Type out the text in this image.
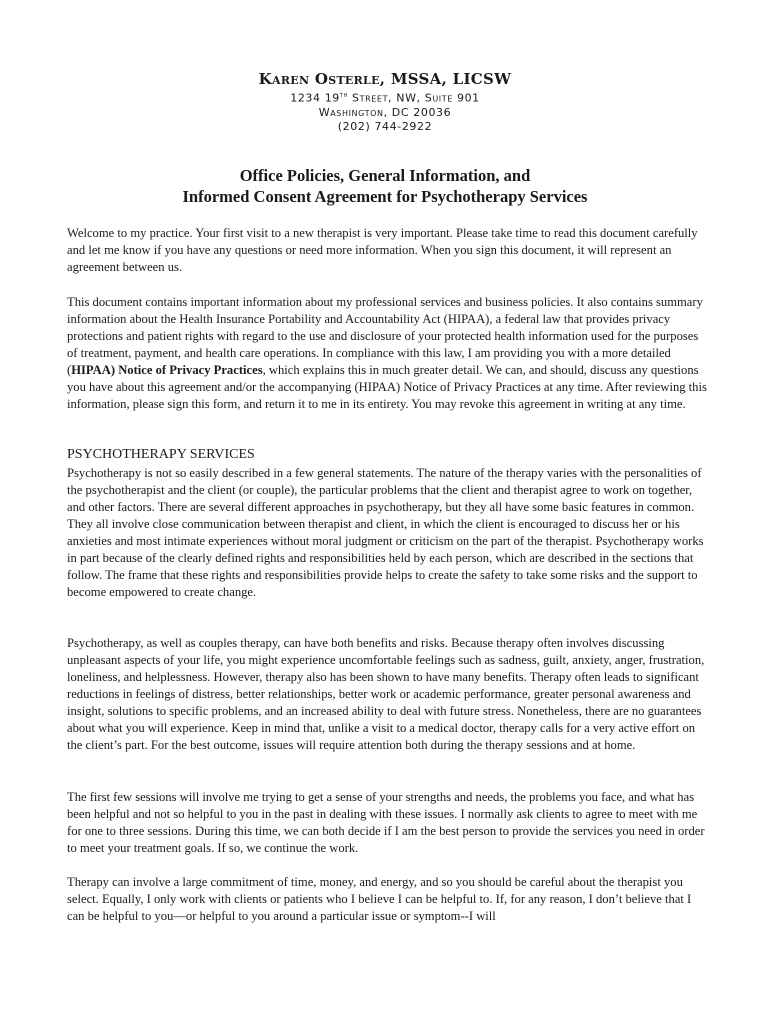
Karen Osterle, MSSA, LICSW
1234 19th Street, NW, Suite 901
Washington, DC 20036
(202) 744-2922
Office Policies, General Information, and
Informed Consent Agreement for Psychotherapy Services

Welcome to my practice. Your first visit to a new therapist is very important. Please take time to read this document carefully and let me know if you have any questions or need more information. When you sign this document, it will represent an agreement between us.

This document contains important information about my professional services and business policies. It also contains summary information about the Health Insurance Portability and Accountability Act (HIPAA), a federal law that provides privacy protections and patient rights with regard to the use and disclosure of your protected health information used for the purposes of treatment, payment, and health care operations. In compliance with this law, I am providing you with a more detailed (HIPAA) Notice of Privacy Practices, which explains this in much greater detail. We can, and should, discuss any questions you have about this agreement and/or the accompanying (HIPAA) Notice of Privacy Practices at any time. After reviewing this information, please sign this form, and return it to me in its entirety. You may revoke this agreement in writing at any time.

PSYCHOTHERAPY SERVICES

Psychotherapy is not so easily described in a few general statements. The nature of the therapy varies with the personalities of the psychotherapist and the client (or couple), the particular problems that the client and therapist agree to work on together, and other factors. There are several different approaches in psychotherapy, but they all have some basic features in common. They all involve close communication between therapist and client, in which the client is encouraged to discuss her or his anxieties and most intimate experiences without moral judgment or criticism on the part of the therapist. Psychotherapy works in part because of the clearly defined rights and responsibilities held by each person, which are described in the sections that follow. The frame that these rights and responsibilities provide helps to create the safety to take some risks and the support to become empowered to create change.

Psychotherapy, as well as couples therapy, can have both benefits and risks. Because therapy often involves discussing unpleasant aspects of your life, you might experience uncomfortable feelings such as sadness, guilt, anxiety, anger, frustration, loneliness, and helplessness. However, therapy also has been shown to have many benefits. Therapy often leads to significant reductions in feelings of distress, better relationships, better work or academic performance, greater personal awareness and insight, solutions to specific problems, and an increased ability to deal with future stress. Nonetheless, there are no guarantees about what you will experience. Keep in mind that, unlike a visit to a medical doctor, therapy calls for a very active effort on the client’s part. For the best outcome, issues will require attention both during the therapy sessions and at home.

The first few sessions will involve me trying to get a sense of your strengths and needs, the problems you face, and what has been helpful and not so helpful to you in the past in dealing with these issues. I normally ask clients to agree to meet with me for one to three sessions. During this time, we can both decide if I am the best person to provide the services you need in order to meet your treatment goals. If so, we continue the work.

Therapy can involve a large commitment of time, money, and energy, and so you should be careful about the therapist you select. Equally, I only work with clients or patients who I believe I can be helpful to. If, for any reason, I don’t believe that I can be helpful to you—or helpful to you around a particular issue or symptom--I will
